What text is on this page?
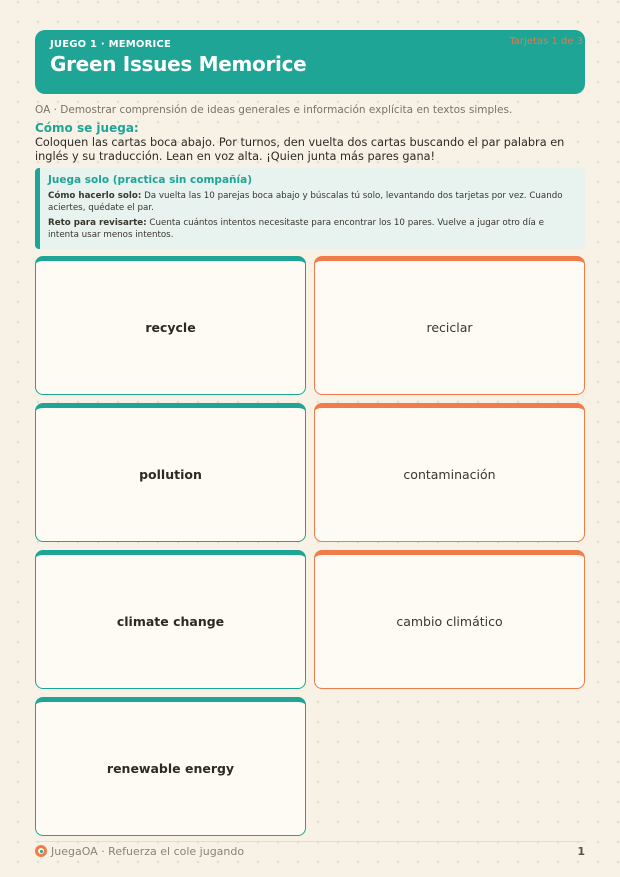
JUEGO 1 · MEMORICE
Green Issues Memorice
Tarjetas 1 de 3
OA · Demostrar comprensión de ideas generales e información explícita en textos simples.
Cómo se juega:
Coloquen las cartas boca abajo. Por turnos, den vuelta dos cartas buscando el par palabra en inglés y su traducción. Lean en voz alta. ¡Quien junta más pares gana!
Juega solo (practica sin compañía)

Cómo hacerlo solo: Da vuelta las 10 parejas boca abajo y búscalas tú solo, levantando dos tarjetas por vez. Cuando aciertes, quédate el par.

Reto para revisarte: Cuenta cuántos intentos necesitaste para encontrar los 10 pares. Vuelve a jugar otro día e intenta usar menos intentos.

recycle	reciclar
pollution	contaminación
climate change	cambio climático
renewable energy
JuegaOA · Refuerza el cole jugando	1
